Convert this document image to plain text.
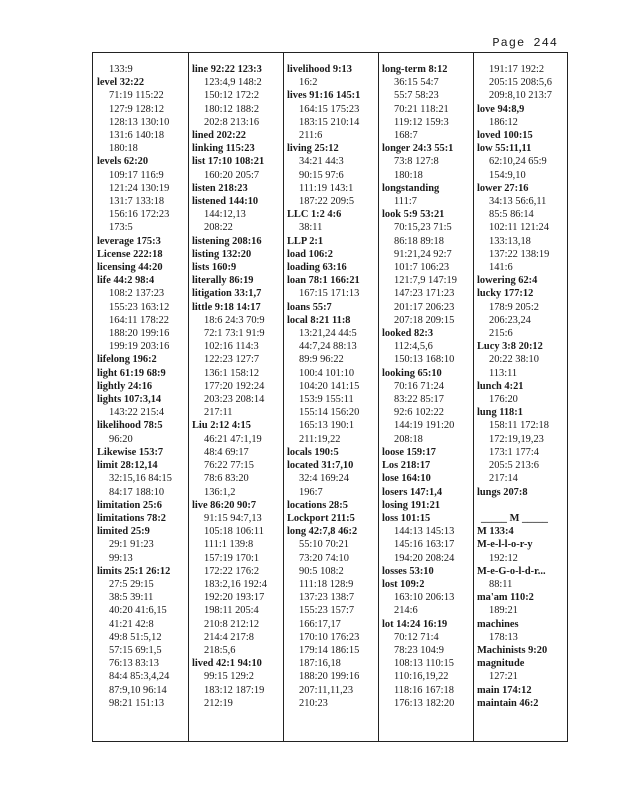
Page 244
133:9
level 32:22
71:19 115:22
127:9 128:12
128:13 130:10
131:6 140:18
180:18
levels 62:20
109:17 116:9
121:24 130:19
131:7 133:18
156:16 172:23
173:5
leverage 175:3
License 222:18
licensing 44:20
life 44:2 98:4
108:2 137:23
155:23 163:12
164:11 178:22
188:20 199:16
199:19 203:16
lifelong 196:2
light 61:19 68:9
lightly 24:16
lights 107:3,14
143:22 215:4
likelihood 78:5
96:20
Likewise 153:7
limit 28:12,14
32:15,16 84:15
84:17 188:10
limitation 25:6
limitations 78:2
limited 25:9
29:1 91:23
99:13
limits 25:1 26:12
27:5 29:15
38:5 39:11
40:20 41:6,15
41:21 42:8
49:8 51:5,12
57:15 69:1,5
76:13 83:13
84:4 85:3,4,24
87:9,10 96:14
98:21 151:13
line 92:22 123:3
123:4,9 148:2
150:12 172:2
180:12 188:2
202:8 213:16
lined 202:22
linking 115:23
list 17:10 108:21
160:20 205:7
listen 218:23
listened 144:10
144:12,13
208:22
listening 208:16
listing 132:20
lists 160:9
literally 86:19
litigation 33:1,7
little 9:18 14:17
18:6 24:3 70:9
72:1 73:1 91:9
102:16 114:3
122:23 127:7
136:1 158:12
177:20 192:24
203:23 208:14
217:11
Liu 2:12 4:15
46:21 47:1,19
48:4 69:17
76:22 77:15
78:6 83:20
136:1,2
live 86:20 90:7
91:15 94:7,13
105:18 106:11
111:1 139:8
157:19 170:1
172:22 176:2
183:2,16 192:4
192:20 193:17
198:11 205:4
210:8 212:12
214:4 217:8
218:5,6
lived 42:1 94:10
99:15 129:2
183:12 187:19
212:19
livelihood 9:13
16:2
lives 91:16 145:1
164:15 175:23
183:15 210:14
211:6
living 25:12
34:21 44:3
90:15 97:6
111:19 143:1
187:22 209:5
LLC 1:2 4:6
38:11
LLP 2:1
load 106:2
loading 63:16
loan 78:1 166:21
167:15 171:13
loans 55:7
local 8:21 11:8
13:21,24 44:5
44:7,24 88:13
89:9 96:22
100:4 101:10
104:20 141:15
153:9 155:11
155:14 156:20
165:13 190:1
211:19,22
locals 190:5
located 31:7,10
32:4 169:24
196:7
locations 28:5
Lockport 211:5
long 42:7,8 46:2
55:10 70:21
73:20 74:10
90:5 108:2
111:18 128:9
137:23 138:7
155:23 157:7
166:17,17
170:10 176:23
179:14 186:15
187:16,18
188:20 199:16
207:11,11,23
210:23
long-term 8:12
36:15 54:7
55:7 58:23
70:21 118:21
119:12 159:3
168:7
longer 24:3 55:1
73:8 127:8
180:18
longstanding
111:7
look 5:9 53:21
70:15,23 71:5
86:18 89:18
91:21,24 92:7
101:7 106:23
121:7,9 147:19
147:23 171:23
201:17 206:23
207:18 209:15
looked 82:3
112:4,5,6
150:13 168:10
looking 65:10
70:16 71:24
83:22 85:17
92:6 102:22
144:19 191:20
208:18
loose 159:17
Los 218:17
lose 164:10
losers 147:1,4
losing 191:21
loss 101:15
144:13 145:13
145:16 163:17
194:20 208:24
losses 53:10
lost 109:2
163:10 206:13
214:6
lot 14:24 16:19
70:12 71:4
78:23 104:9
108:13 110:15
110:16,19,22
118:16 167:18
176:13 182:20
191:17 192:2
205:15 208:5,6
209:8,10 213:7
love 94:8,9
186:12
loved 100:15
low 55:11,11
62:10,24 65:9
154:9,10
lower 27:16
34:13 56:6,11
85:5 86:14
102:11 121:24
133:13,18
137:22 138:19
141:6
lowering 62:4
lucky 177:12
178:9 205:2
206:23,24
215:6
Lucy 3:8 20:12
20:22 38:10
113:11
lunch 4:21
176:20
lung 118:1
158:11 172:18
172:19,19,23
173:1 177:4
205:5 213:6
217:14
lungs 207:8

_____ M _____
M 133:4
M-e-l-l-o-r-y
192:12
M-e-G-o-l-d-r...
88:11
ma'am 110:2
189:21
machines
178:13
Machinists 9:20
magnitude
127:21
main 174:12
maintain 46:2
